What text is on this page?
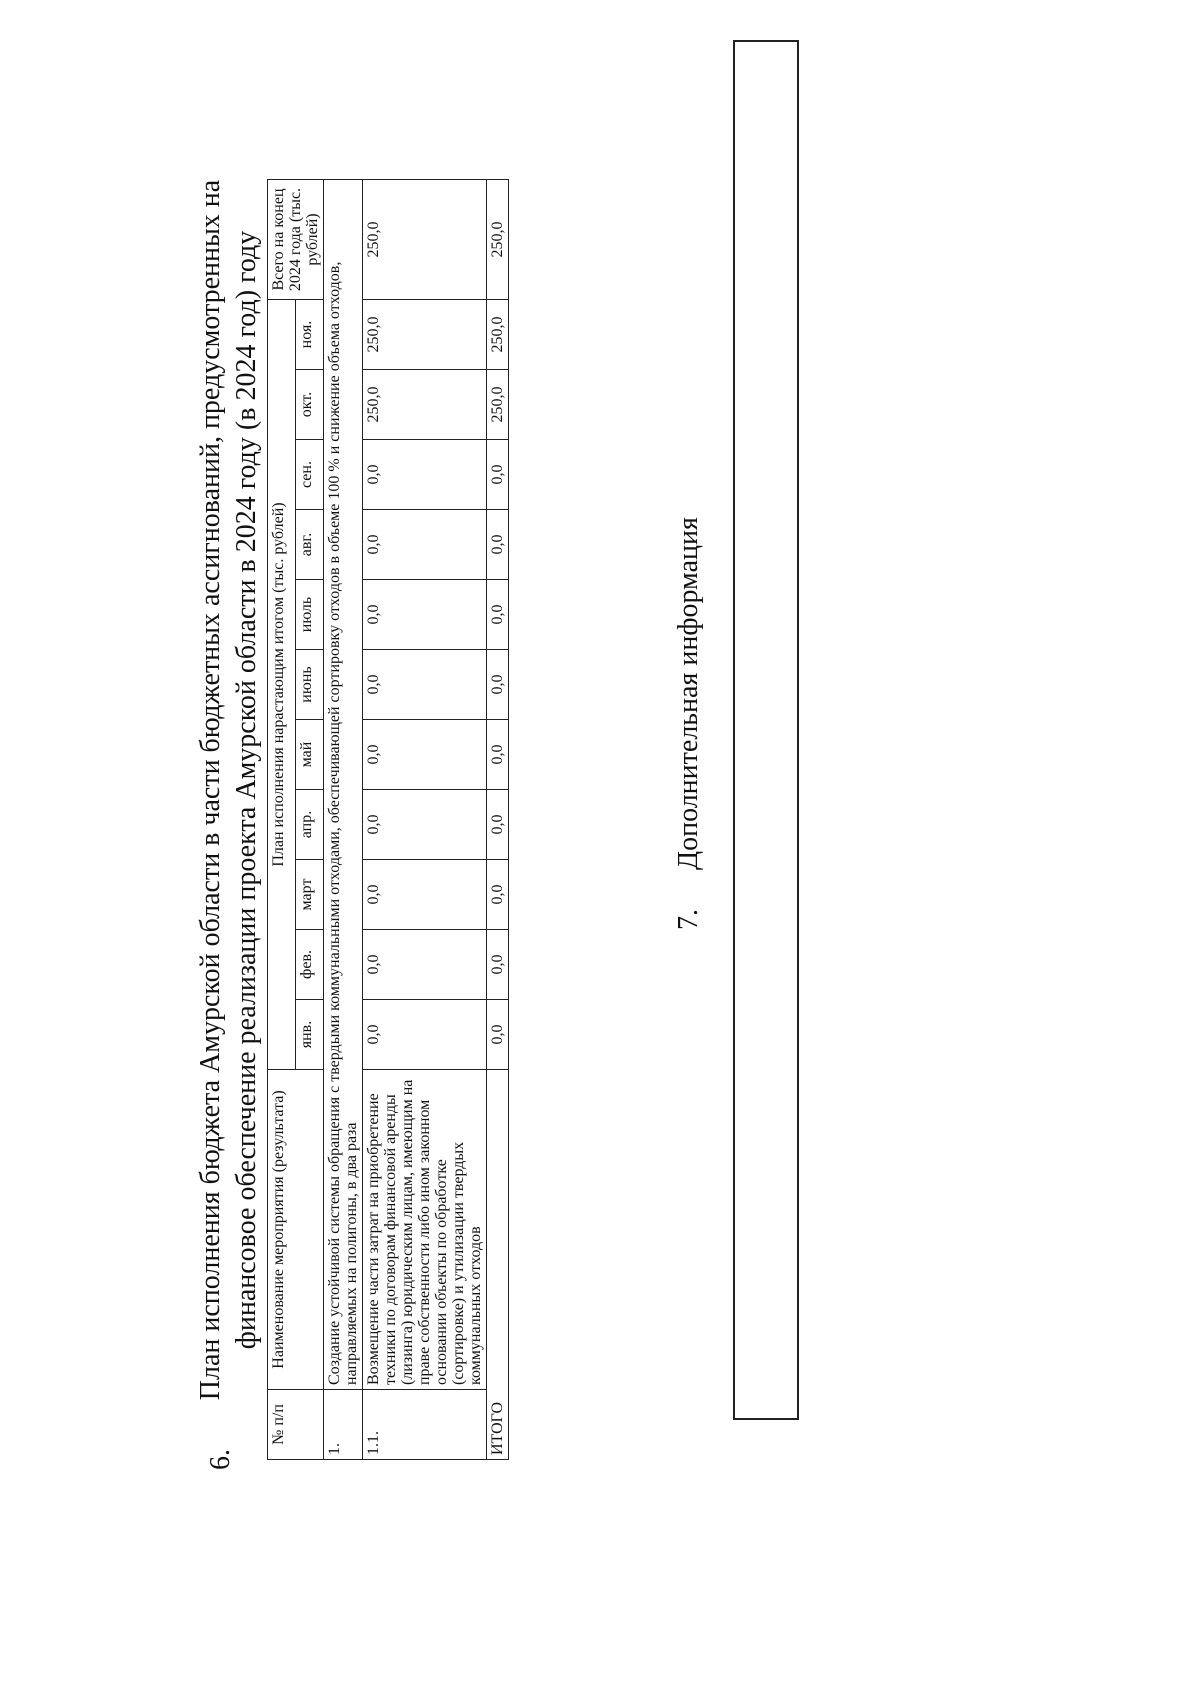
6.
План исполнения бюджета Амурской области в части бюджетных ассигнований, предусмотренных на финансовое обеспечение реализации проекта Амурской области в 2024 году (в 2024 год) году
№ п/п	Наименование мероприятия (результата)	План исполнения нарастающим итогом (тыс. рублей)											Всего на конец 2024 года (тыс. рублей)
		янв.	фев.	март	апр.	май	июнь	июль	авг.	сен.	окт.	ноя.	
1.	Создание устойчивой системы обращения с твердыми коммунальными отходами, обеспечивающей сортировку отходов в объеме 100 % и снижение объема отходов, направляемых на полигоны, в два раза												
1.1.	Возмещение части затрат на приобретение техники по договорам финансовой аренды (лизинга) юридическим лицам, имеющим на праве собственности либо ином законном основании объекты по обработке (сортировке) и утилизации твердых коммунальных отходов	0,0	0,0	0,0	0,0	0,0	0,0	0,0	0,0	0,0	250,0	250,0	250,0
ИТОГО		0,0	0,0	0,0	0,0	0,0	0,0	0,0	0,0	0,0	250,0	250,0	250,0
7.
Дополнительная информация
